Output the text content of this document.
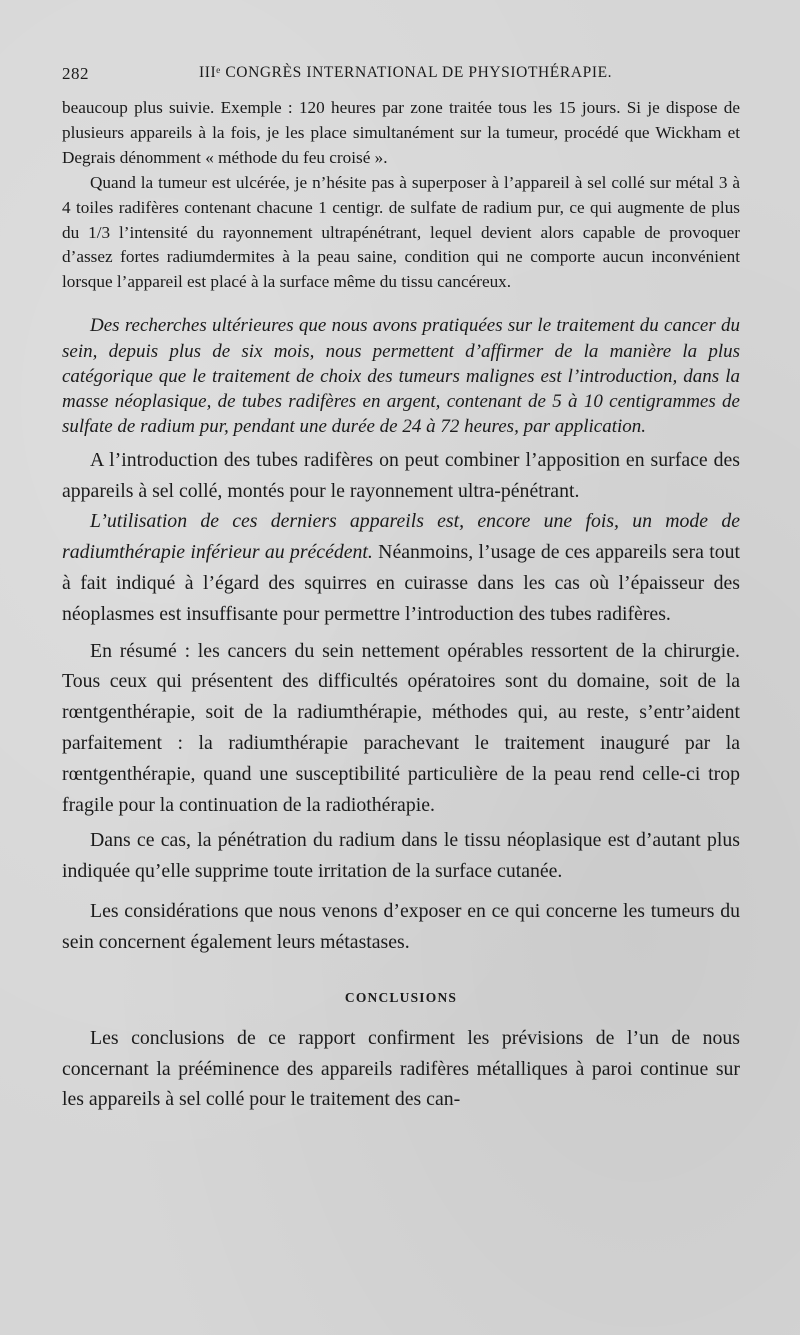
282	IIIᵉ CONGRÈS INTERNATIONAL DE PHYSIOTHÉRAPIE.

beaucoup plus suivie. Exemple : 120 heures par zone traitée tous les 15 jours. Si je dispose de plusieurs appareils à la fois, je les place simultanément sur la tumeur, procédé que Wickham et Degrais dénomment « méthode du feu croisé ».

Quand la tumeur est ulcérée, je n’hésite pas à superposer à l’appareil à sel collé sur métal 3 à 4 toiles radifères contenant chacune 1 centigr. de sulfate de radium pur, ce qui augmente de plus du 1/3 l’intensité du rayonnement ultrapénétrant, lequel devient alors capable de provoquer d’assez fortes radiumdermites à la peau saine, condition qui ne comporte aucun inconvénient lorsque l’appareil est placé à la surface même du tissu cancéreux.

Des recherches ultérieures que nous avons pratiquées sur le traitement du cancer du sein, depuis plus de six mois, nous permettent d’affirmer de la manière la plus catégorique que le traitement de choix des tumeurs malignes est l’introduction, dans la masse néoplasique, de tubes radifères en argent, contenant de 5 à 10 centigrammes de sulfate de radium pur, pendant une durée de 24 à 72 heures, par application.

A l’introduction des tubes radifères on peut combiner l’apposition en surface des appareils à sel collé, montés pour le rayonnement ultra-pénétrant.

L’utilisation de ces derniers appareils est, encore une fois, un mode de radiumthérapie inférieur au précédent. Néanmoins, l’usage de ces appareils sera tout à fait indiqué à l’égard des squirres en cuirasse dans les cas où l’épaisseur des néoplasmes est insuffisante pour permettre l’introduction des tubes radifères.

En résumé : les cancers du sein nettement opérables ressortent de la chirurgie. Tous ceux qui présentent des difficultés opératoires sont du domaine, soit de la rœntgenthérapie, soit de la radiumthérapie, méthodes qui, au reste, s’entr’aident parfaitement : la radiumthérapie parachevant le traitement inauguré par la rœntgenthérapie, quand une susceptibilité particulière de la peau rend celle-ci trop fragile pour la continuation de la radiothérapie.

Dans ce cas, la pénétration du radium dans le tissu néoplasique est d’autant plus indiquée qu’elle supprime toute irritation de la surface cutanée.

Les considérations que nous venons d’exposer en ce qui concerne les tumeurs du sein concernent également leurs métastases.

CONCLUSIONS

Les conclusions de ce rapport confirment les prévisions de l’un de nous concernant la prééminence des appareils radifères métalliques à paroi continue sur les appareils à sel collé pour le traitement des can-
